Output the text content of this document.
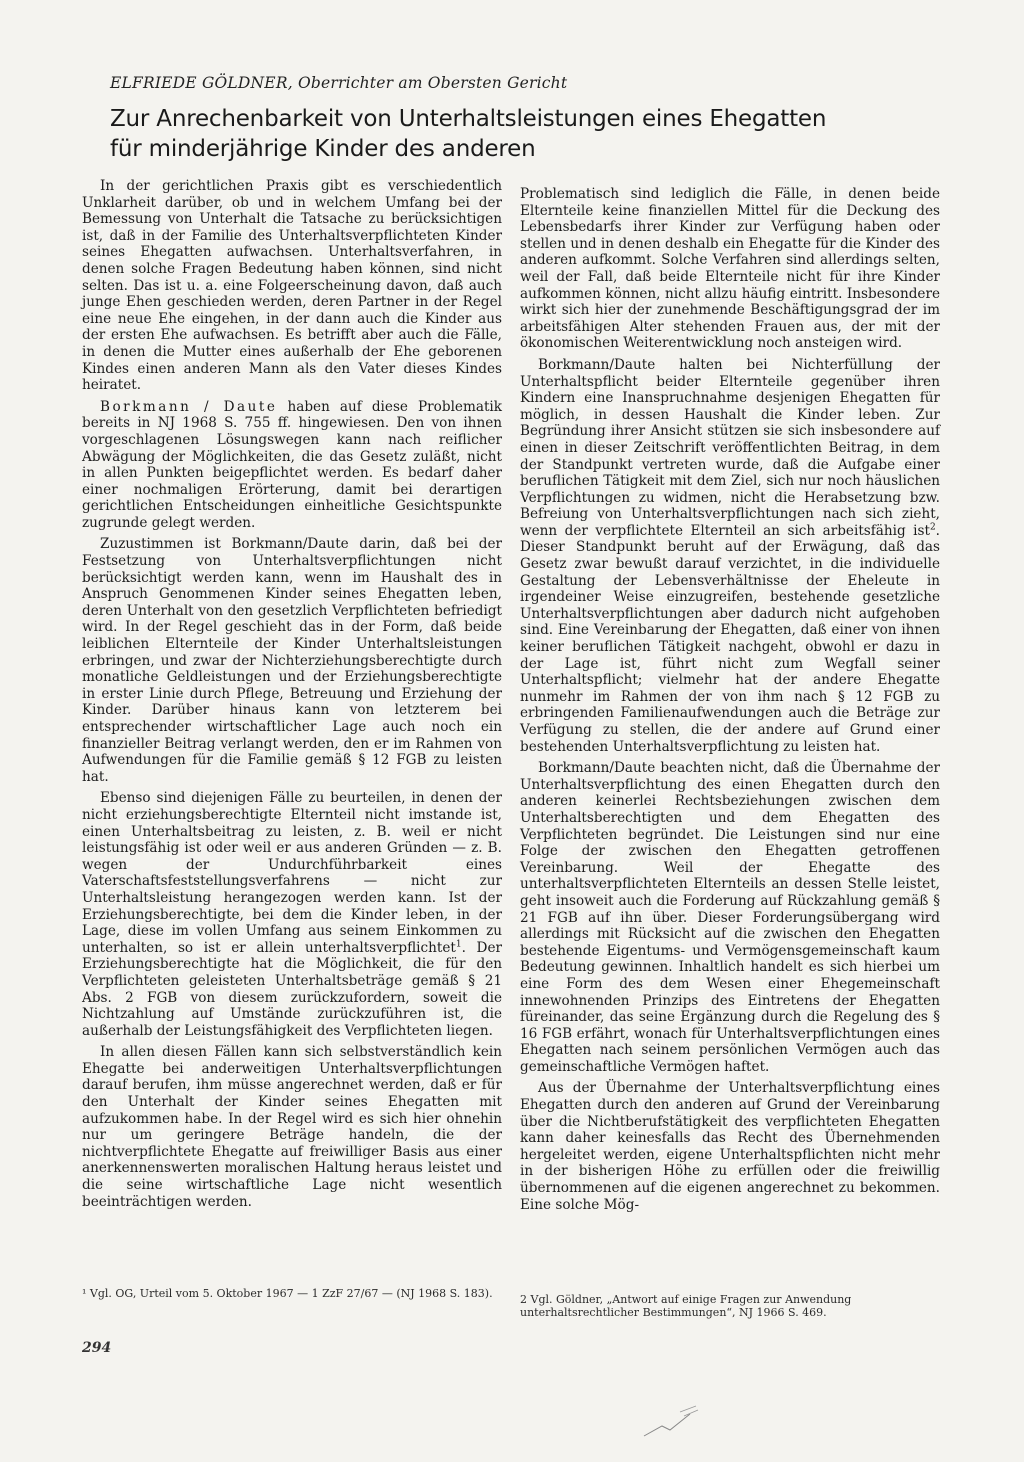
ELFRIEDE GÖLDNER, Oberrichter am Obersten Gericht

Zur Anrechenbarkeit von Unterhaltsleistungen eines Ehegatten
für minderjährige Kinder des anderen

In der gerichtlichen Praxis gibt es verschiedentlich Unklarheit darüber, ob und in welchem Umfang bei der Bemessung von Unterhalt die Tatsache zu berücksichtigen ist, daß in der Familie des Unterhaltsverpflichteten Kinder seines Ehegatten aufwachsen. Unterhaltsverfahren, in denen solche Fragen Bedeutung haben können, sind nicht selten. Das ist u. a. eine Folgeerscheinung davon, daß auch junge Ehen geschieden werden, deren Partner in der Regel eine neue Ehe eingehen, in der dann auch die Kinder aus der ersten Ehe aufwachsen. Es betrifft aber auch die Fälle, in denen die Mutter eines außerhalb der Ehe geborenen Kindes einen anderen Mann als den Vater dieses Kindes heiratet.

Borkmann / Daute haben auf diese Problematik bereits in NJ 1968 S. 755 ff. hingewiesen. Den von ihnen vorgeschlagenen Lösungswegen kann nach reiflicher Abwägung der Möglichkeiten, die das Gesetz zuläßt, nicht in allen Punkten beigepflichtet werden. Es bedarf daher einer nochmaligen Erörterung, damit bei derartigen gerichtlichen Entscheidungen einheitliche Gesichtspunkte zugrunde gelegt werden.

Zuzustimmen ist Borkmann/Daute darin, daß bei der Festsetzung von Unterhaltsverpflichtungen nicht berücksichtigt werden kann, wenn im Haushalt des in Anspruch Genommenen Kinder seines Ehegatten leben, deren Unterhalt von den gesetzlich Verpflichteten befriedigt wird. In der Regel geschieht das in der Form, daß beide leiblichen Elternteile der Kinder Unterhaltsleistungen erbringen, und zwar der Nichterziehungsberechtigte durch monatliche Geldleistungen und der Erziehungsberechtigte in erster Linie durch Pflege, Betreuung und Erziehung der Kinder. Darüber hinaus kann von letzterem bei entsprechender wirtschaftlicher Lage auch noch ein finanzieller Beitrag verlangt werden, den er im Rahmen von Aufwendungen für die Familie gemäß § 12 FGB zu leisten hat.

Ebenso sind diejenigen Fälle zu beurteilen, in denen der nicht erziehungsberechtigte Elternteil nicht imstande ist, einen Unterhaltsbeitrag zu leisten, z. B. weil er nicht leistungsfähig ist oder weil er aus anderen Gründen — z. B. wegen der Undurchführbarkeit eines Vaterschaftsfeststellungsverfahrens — nicht zur Unterhaltsleistung herangezogen werden kann. Ist der Erziehungsberechtigte, bei dem die Kinder leben, in der Lage, diese im vollen Umfang aus seinem Einkommen zu unterhalten, so ist er allein unterhaltsverpflichtet$^1$. Der Erziehungsberechtigte hat die Möglichkeit, die für den Verpflichteten geleisteten Unterhaltsbeträge gemäß § 21 Abs. 2 FGB von diesem zurückzufordern, soweit die Nichtzahlung auf Umstände zurückzuführen ist, die außerhalb der Leistungsfähigkeit des Verpflichteten liegen.

In allen diesen Fällen kann sich selbstverständlich kein Ehegatte bei anderweitigen Unterhaltsverpflichtungen darauf berufen, ihm müsse angerechnet werden, daß er für den Unterhalt der Kinder seines Ehegatten mit aufzukommen habe. In der Regel wird es sich hier ohnehin nur um geringere Beträge handeln, die der nichtverpflichtete Ehegatte auf freiwilliger Basis aus einer anerkennenswerten moralischen Haltung heraus leistet und die seine wirtschaftliche Lage nicht wesentlich beeinträchtigen werden.

Problematisch sind lediglich die Fälle, in denen beide Elternteile keine finanziellen Mittel für die Deckung des Lebensbedarfs ihrer Kinder zur Verfügung haben oder stellen und in denen deshalb ein Ehegatte für die Kinder des anderen aufkommt. Solche Verfahren sind allerdings selten, weil der Fall, daß beide Elternteile nicht für ihre Kinder aufkommen können, nicht allzu häufig eintritt. Insbesondere wirkt sich hier der zunehmende Beschäftigungsgrad der im arbeitsfähigen Alter stehenden Frauen aus, der mit der ökonomischen Weiterentwicklung noch ansteigen wird.

Borkmann/Daute halten bei Nichterfüllung der Unterhaltspflicht beider Elternteile gegenüber ihren Kindern eine Inanspruchnahme desjenigen Ehegatten für möglich, in dessen Haushalt die Kinder leben. Zur Begründung ihrer Ansicht stützen sie sich insbesondere auf einen in dieser Zeitschrift veröffentlichten Beitrag, in dem der Standpunkt vertreten wurde, daß die Aufgabe einer beruflichen Tätigkeit mit dem Ziel, sich nur noch häuslichen Verpflichtungen zu widmen, nicht die Herabsetzung bzw. Befreiung von Unterhaltsverpflichtungen nach sich zieht, wenn der verpflichtete Elternteil an sich arbeitsfähig ist$^2$. Dieser Standpunkt beruht auf der Erwägung, daß das Gesetz zwar bewußt darauf verzichtet, in die individuelle Gestaltung der Lebensverhältnisse der Eheleute in irgendeiner Weise einzugreifen, bestehende gesetzliche Unterhaltsverpflichtungen aber dadurch nicht aufgehoben sind. Eine Vereinbarung der Ehegatten, daß einer von ihnen keiner beruflichen Tätigkeit nachgeht, obwohl er dazu in der Lage ist, führt nicht zum Wegfall seiner Unterhaltspflicht; vielmehr hat der andere Ehegatte nunmehr im Rahmen der von ihm nach § 12 FGB zu erbringenden Familienaufwendungen auch die Beträge zur Verfügung zu stellen, die der andere auf Grund einer bestehenden Unterhaltsverpflichtung zu leisten hat.

Borkmann/Daute beachten nicht, daß die Übernahme der Unterhaltsverpflichtung des einen Ehegatten durch den anderen keinerlei Rechtsbeziehungen zwischen dem Unterhaltsberechtigten und dem Ehegatten des Verpflichteten begründet. Die Leistungen sind nur eine Folge der zwischen den Ehegatten getroffenen Vereinbarung. Weil der Ehegatte des unterhaltsverpflichteten Elternteils an dessen Stelle leistet, geht insoweit auch die Forderung auf Rückzahlung gemäß § 21 FGB auf ihn über. Dieser Forderungsübergang wird allerdings mit Rücksicht auf die zwischen den Ehegatten bestehende Eigentums- und Vermögensgemeinschaft kaum Bedeutung gewinnen. Inhaltlich handelt es sich hierbei um eine Form des dem Wesen einer Ehegemeinschaft innewohnenden Prinzips des Eintretens der Ehegatten füreinander, das seine Ergänzung durch die Regelung des § 16 FGB erfährt, wonach für Unterhaltsverpflichtungen eines Ehegatten nach seinem persönlichen Vermögen auch das gemeinschaftliche Vermögen haftet.

Aus der Übernahme der Unterhaltsverpflichtung eines Ehegatten durch den anderen auf Grund der Vereinbarung über die Nichtberufstätigkeit des verpflichteten Ehegatten kann daher keinesfalls das Recht des Übernehmenden hergeleitet werden, eigene Unterhaltspflichten nicht mehr in der bisherigen Höhe zu erfüllen oder die freiwillig übernommenen auf die eigenen angerechnet zu bekommen. Eine solche Mög-

¹ Vgl. OG, Urteil vom 5. Oktober 1967 — 1 ZzF 27/67 — (NJ 1968 S. 183).	2 Vgl. Göldner, „Antwort auf einige Fragen zur Anwendung unterhaltsrechtlicher Bestimmungen“, NJ 1966 S. 469.
294
